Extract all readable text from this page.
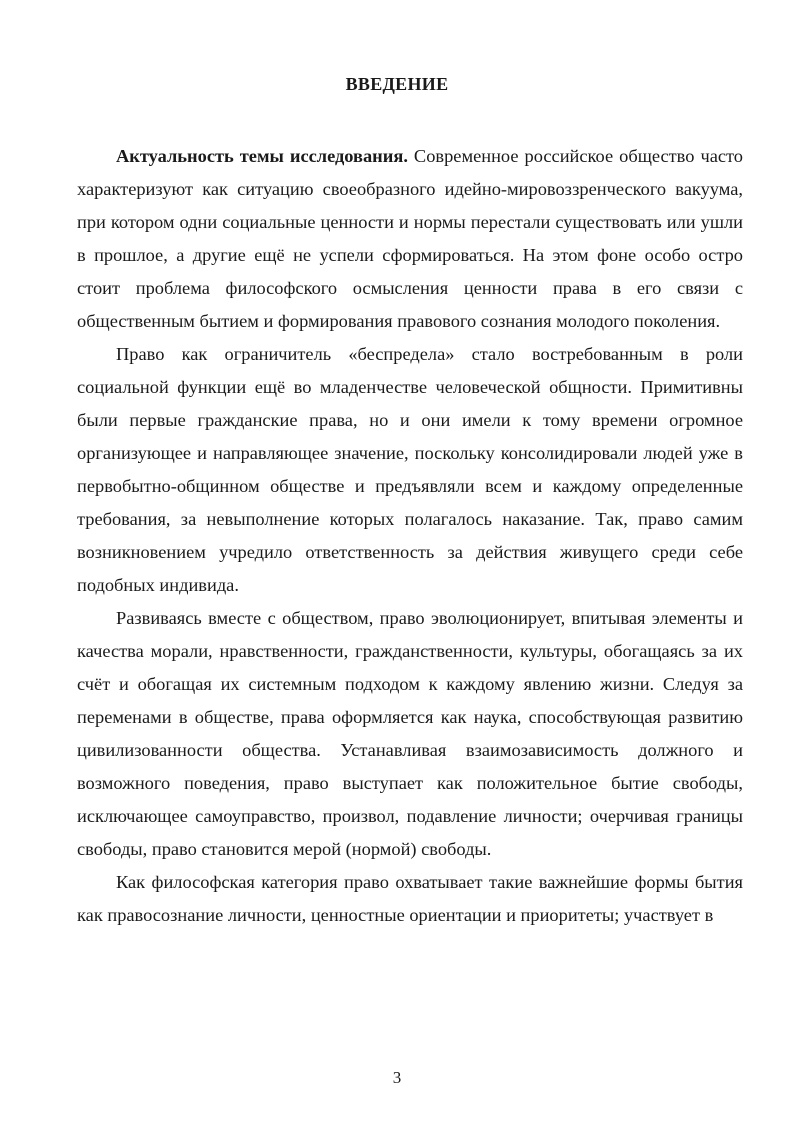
ВВЕДЕНИЕ

Актуальность темы исследования. Современное российское общество часто характеризуют как ситуацию своеобразного идейно-мировоззренческого вакуума, при котором одни социальные ценности и нормы перестали существовать или ушли в прошлое, а другие ещё не успели сформироваться. На этом фоне особо остро стоит проблема философского осмысления ценности права в его связи с общественным бытием и формирования правового сознания молодого поколения.

Право как ограничитель «беспредела» стало востребованным в роли социальной функции ещё во младенчестве человеческой общности. Примитивны были первые гражданские права, но и они имели к тому времени огромное организующее и направляющее значение, поскольку консолидировали людей уже в первобытно-общинном обществе и предъявляли всем и каждому определенные требования, за невыполнение которых полагалось наказание. Так, право самим возникновением учредило ответственность за действия живущего среди себе подобных индивида.

Развиваясь вместе с обществом, право эволюционирует, впитывая элементы и качества морали, нравственности, гражданственности, культуры, обогащаясь за их счёт и обогащая их системным подходом к каждому явлению жизни. Следуя за переменами в обществе, права оформляется как наука, способствующая развитию цивилизованности общества. Устанавливая взаимозависимость должного и возможного поведения, право выступает как положительное бытие свободы, исключающее самоуправство, произвол, подавление личности; очерчивая границы свободы, право становится мерой (нормой) свободы.

Как философская категория право охватывает такие важнейшие формы бытия как правосознание личности, ценностные ориентации и приоритеты; участвует в

3
